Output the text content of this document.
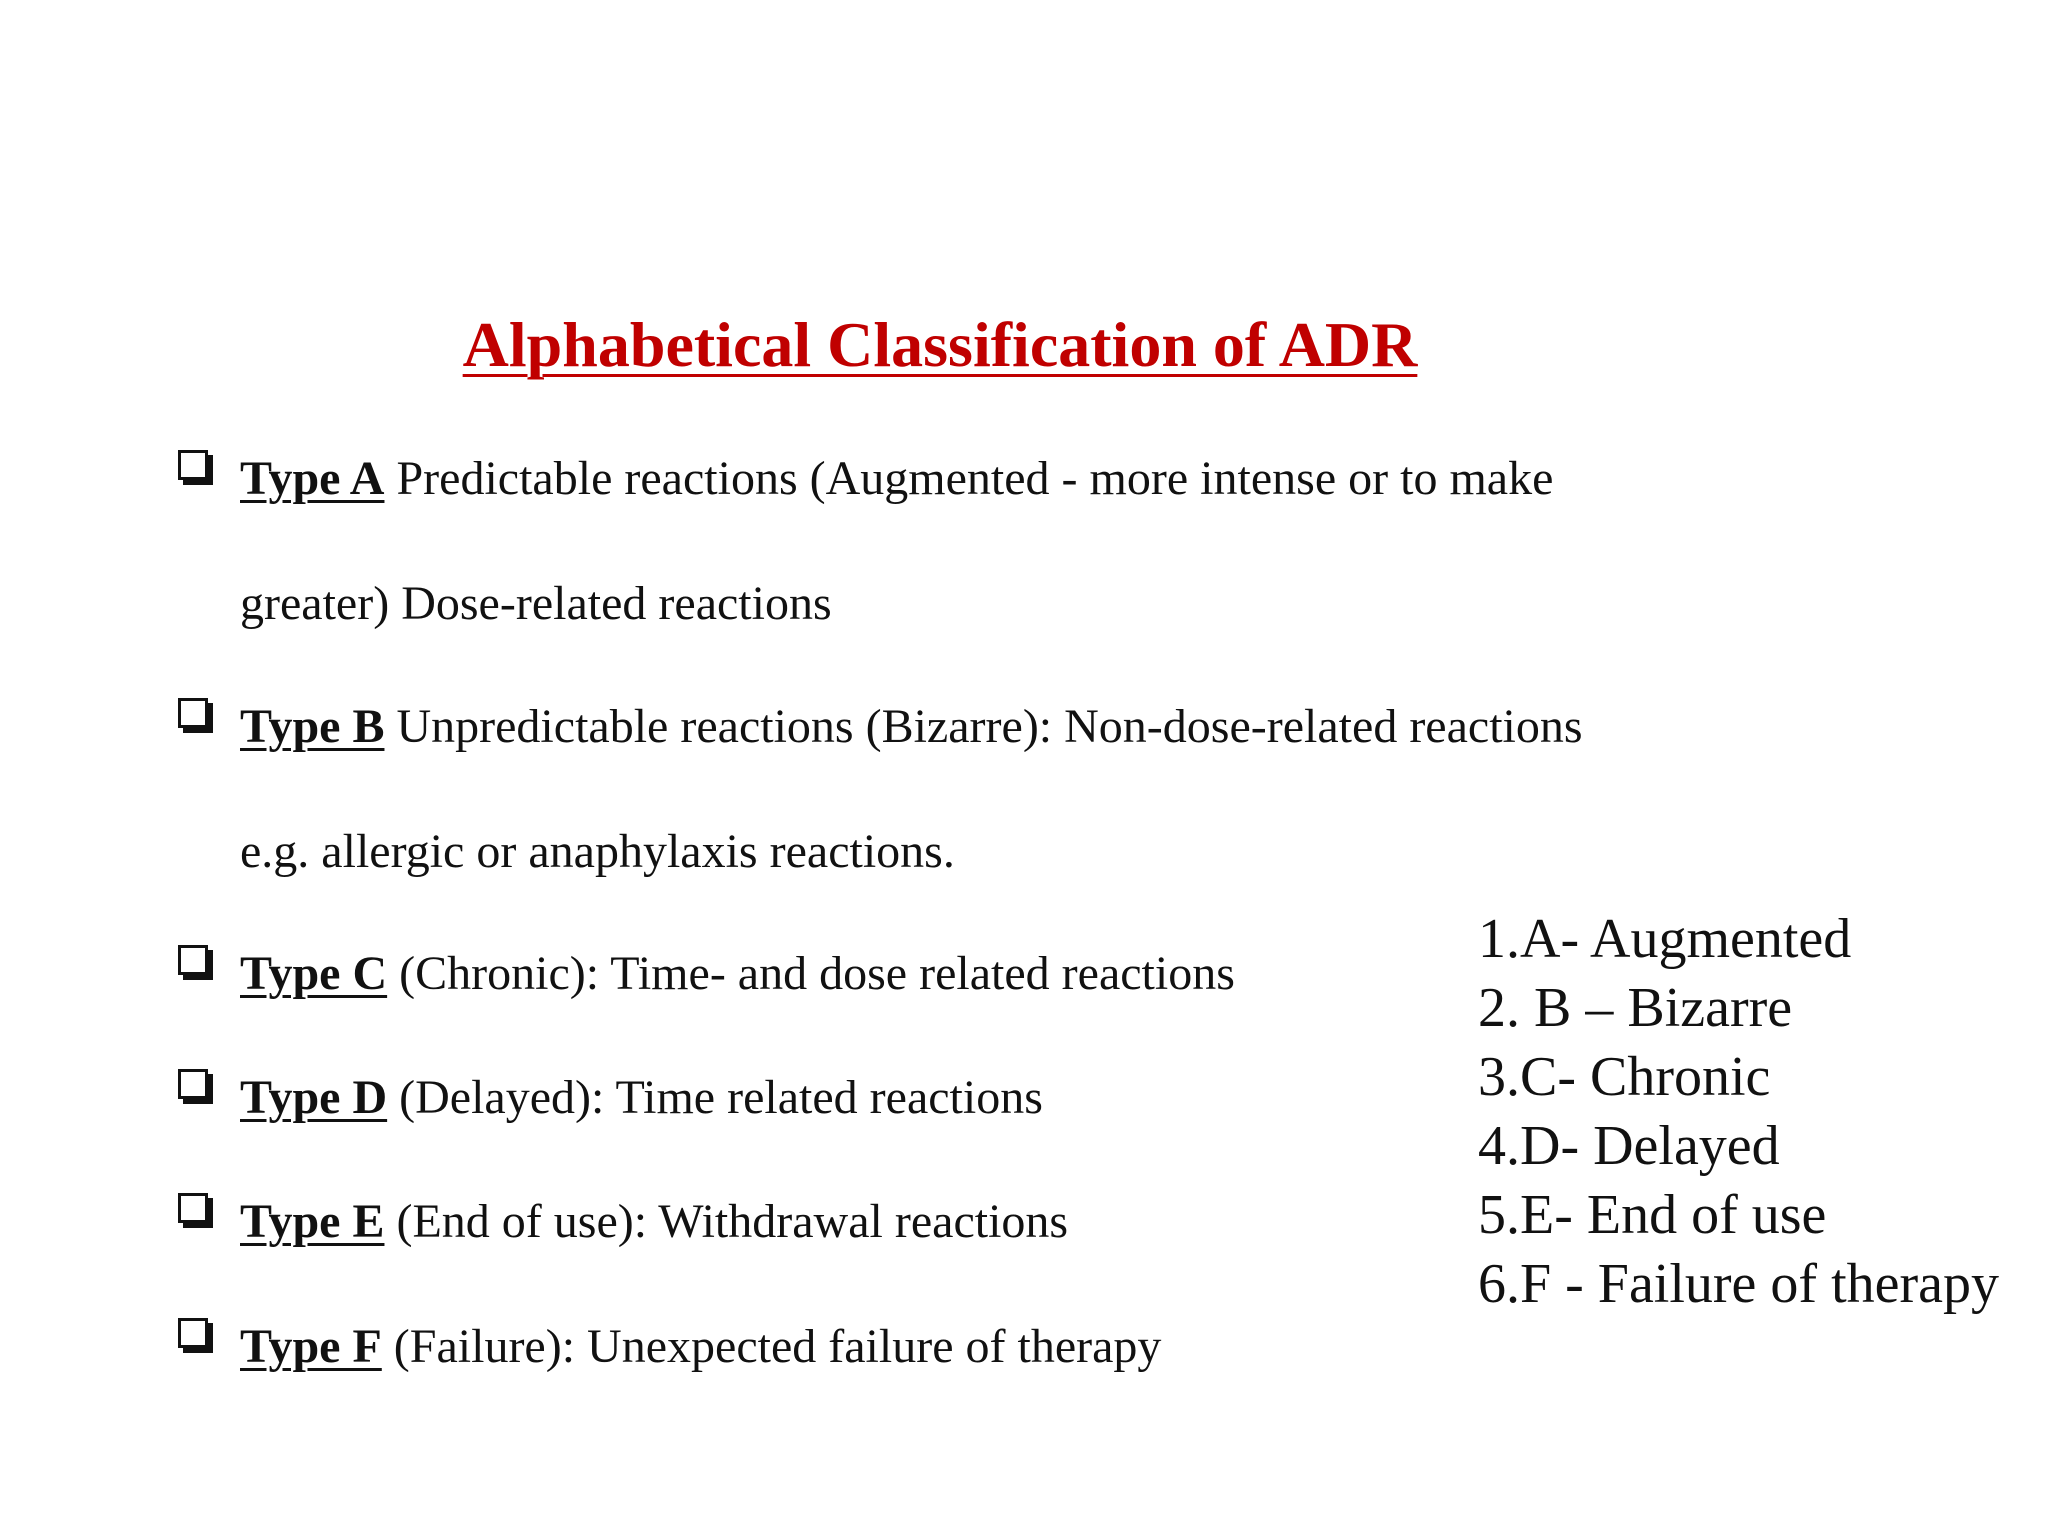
Alphabetical Classification of ADR
Type A Predictable reactions (Augmented - more intense or to make
greater) Dose-related reactions
Type B Unpredictable reactions (Bizarre): Non-dose-related reactions
e.g. allergic or anaphylaxis reactions.
Type C (Chronic): Time- and dose related reactions
Type D (Delayed): Time related reactions
Type E (End of use): Withdrawal reactions
Type F (Failure): Unexpected failure of therapy
1.A- Augmented
2. B – Bizarre
3.C- Chronic
4.D- Delayed
5.E- End of use
6.F - Failure of therapy
